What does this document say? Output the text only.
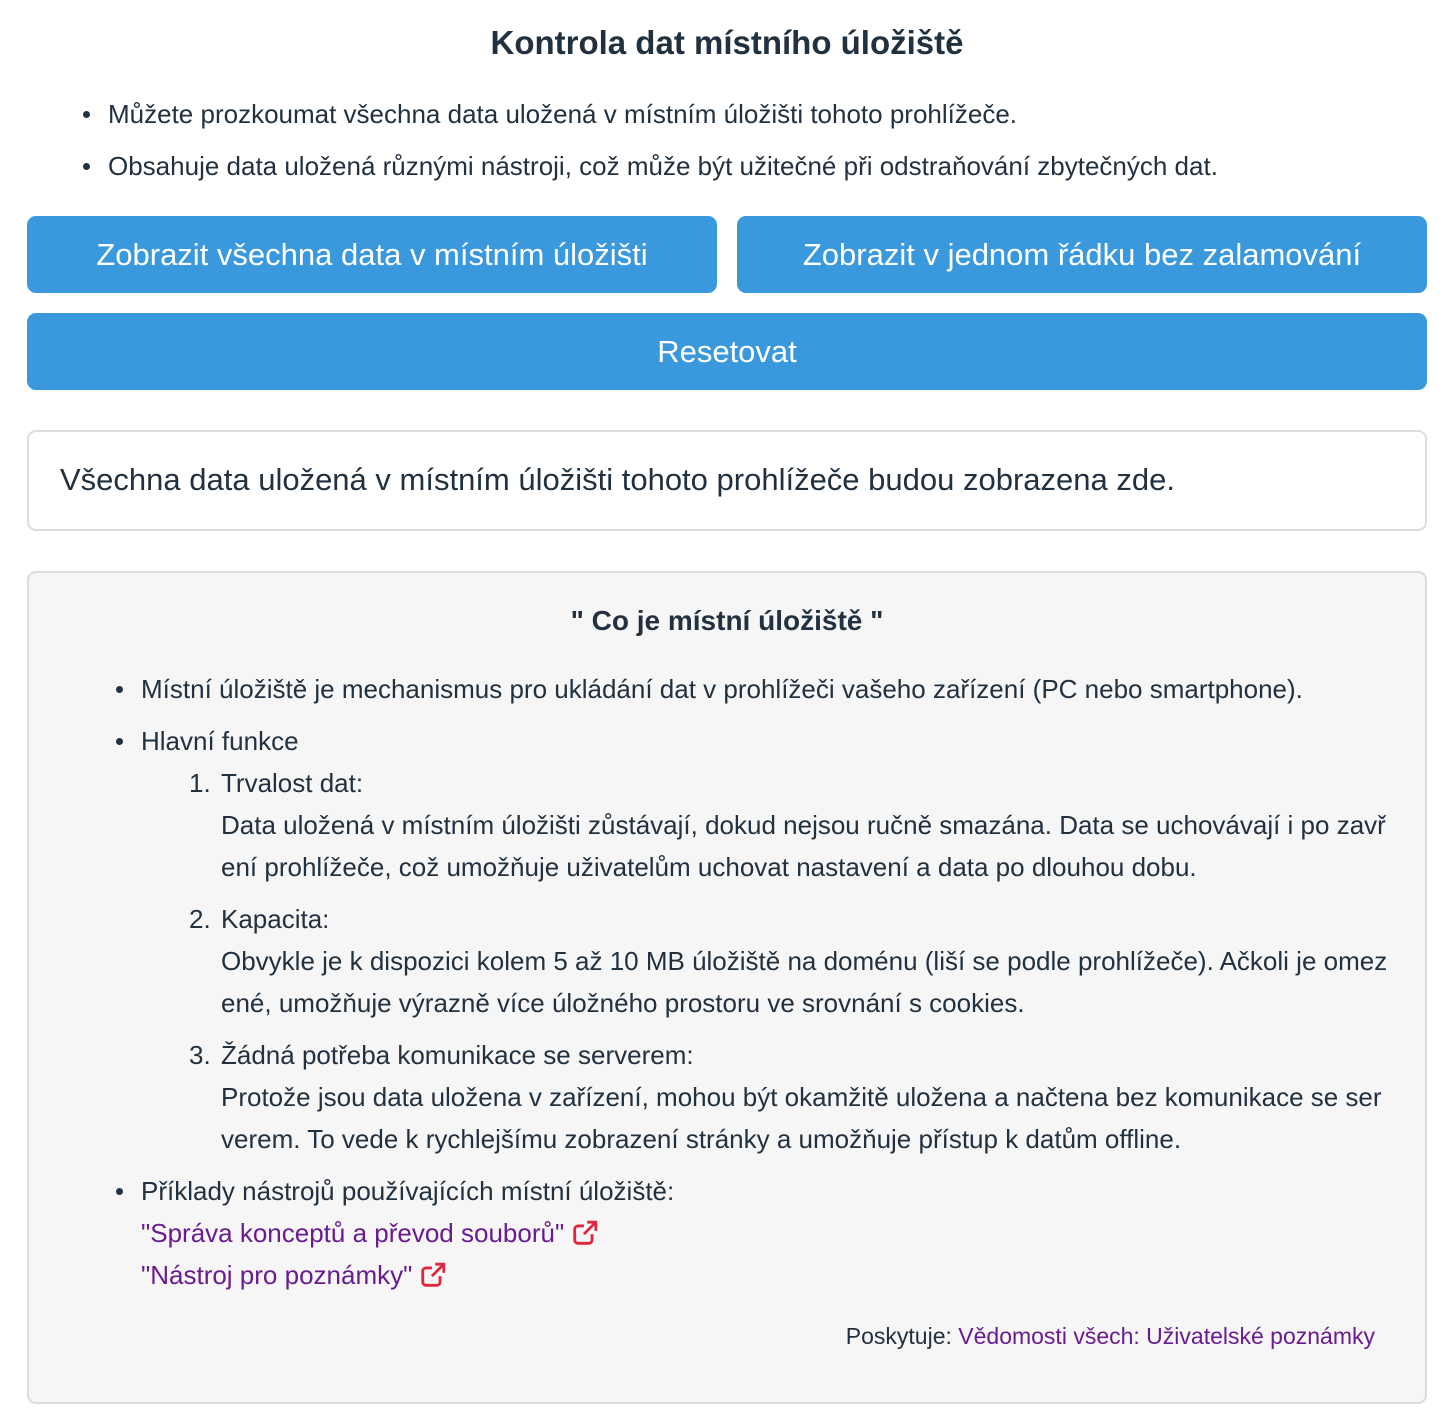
Kontrola dat místního úložiště
Můžete prozkoumat všechna data uložená v místním úložišti tohoto prohlížeče.
Obsahuje data uložená různými nástroji, což může být užitečné při odstraňování zbytečných dat.
Zobrazit všechna data v místním úložišti	Zobrazit v jednom řádku bez zalamování
Resetovat
Všechna data uložená v místním úložišti tohoto prohlížeče budou zobrazena zde.
" Co je místní úložiště "
Místní úložiště je mechanismus pro ukládání dat v prohlížeči vašeho zařízení (PC nebo smartphone).
Hlavní funkce
1. Trvalost dat:
Data uložená v místním úložišti zůstávají, dokud nejsou ručně smazána. Data se uchovávají i po zavření prohlížeče, což umožňuje uživatelům uchovat nastavení a data po dlouhou dobu.
2. Kapacita:
Obvykle je k dispozici kolem 5 až 10 MB úložiště na doménu (liší se podle prohlížeče). Ačkoli je omezené, umožňuje výrazně více úložného prostoru ve srovnání s cookies.
3. Žádná potřeba komunikace se serverem:
Protože jsou data uložena v zařízení, mohou být okamžitě uložena a načtena bez komunikace se serverem. To vede k rychlejšímu zobrazení stránky a umožňuje přístup k datům offline.
Příklady nástrojů používajících místní úložiště:

"Správa konceptů a převod souborů"

"Nástroj pro poznámky"
Poskytuje: Vědomosti všech: Uživatelské poznámky
